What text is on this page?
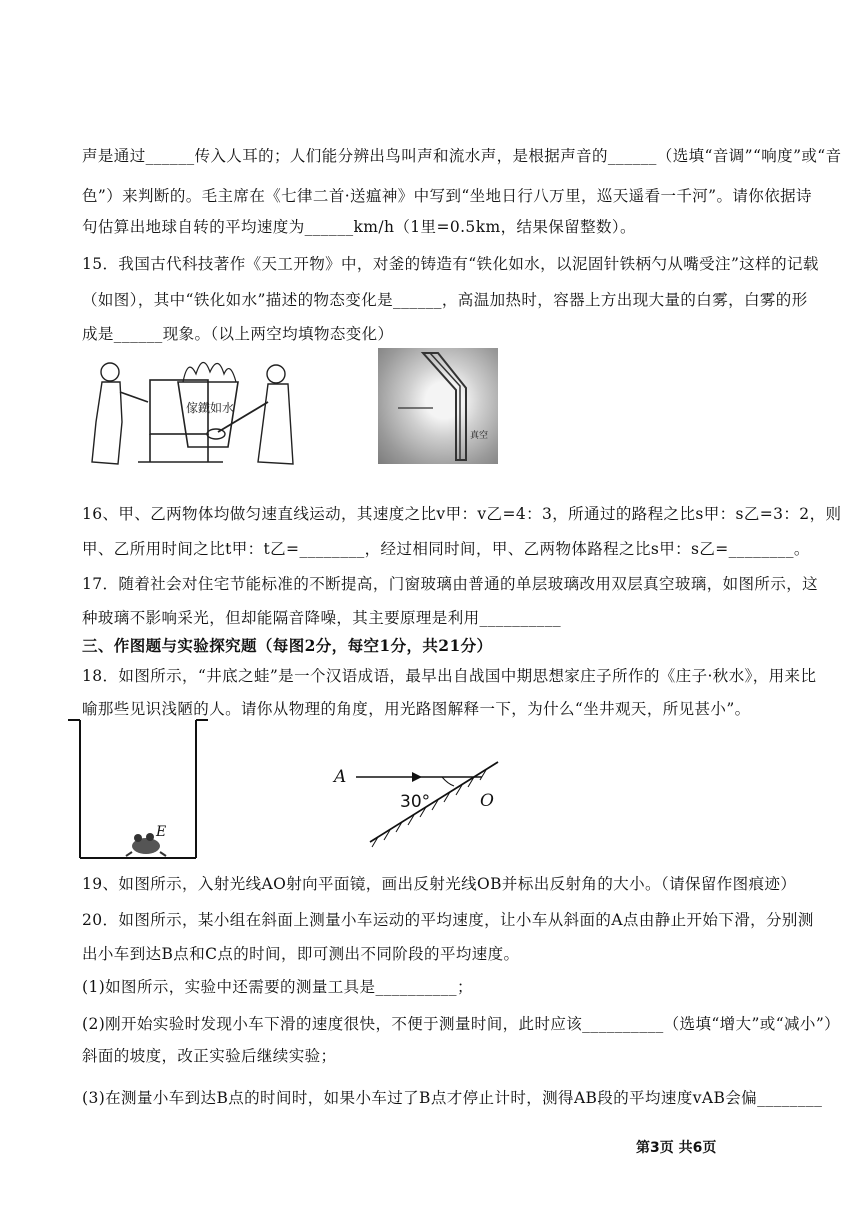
声是通过______传入人耳的；人们能分辨出鸟叫声和流水声，是根据声音的______（选填“音调”“响度”或“音
色”）来判断的。毛主席在《七律二首·送瘟神》中写到“坐地日行八万里，巡天遥看一千河”。请你依据诗
句估算出地球自转的平均速度为______km/h（1里=0.5km，结果保留整数）。
15．我国古代科技著作《天工开物》中，对釜的铸造有“铁化如水，以泥固针铁柄勺从嘴受注”这样的记载
（如图），其中“铁化如水”描述的物态变化是______，高温加热时，容器上方出现大量的白雾，白雾的形
成是______现象。（以上两空均填物态变化）
傢鐵如水
真空
16、甲、乙两物体均做匀速直线运动，其速度之比v甲：v乙=4：3，所通过的路程之比s甲：s乙=3：2，则
甲、乙所用时间之比t甲：t乙=________，经过相同时间，甲、乙两物体路程之比s甲：s乙=________。
17．随着社会对住宅节能标准的不断提高，门窗玻璃由普通的单层玻璃改用双层真空玻璃，如图所示，这
种玻璃不影响采光，但却能隔音降噪，其主要原理是利用__________
三、作图题与实验探究题（每图2分，每空1分，共21分）
18．如图所示，“井底之蛙”是一个汉语成语，最早出自战国中期思想家庄子所作的《庄子·秋水》，用来比
喻那些见识浅陋的人。请你从物理的角度，用光路图解释一下，为什么“坐井观天，所见甚小”。
E
A
30°	O
19、如图所示，入射光线AO射向平面镜，画出反射光线OB并标出反射角的大小。（请保留作图痕迹）
20．如图所示，某小组在斜面上测量小车运动的平均速度，让小车从斜面的A点由静止开始下滑，分别测
出小车到达B点和C点的时间，即可测出不同阶段的平均速度。
(1)如图所示，实验中还需要的测量工具是__________；
(2)刚开始实验时发现小车下滑的速度很快，不便于测量时间，此时应该__________（选填“增大”或“减小”）
斜面的坡度，改正实验后继续实验；
(3)在测量小车到达B点的时间时，如果小车过了B点才停止计时，测得AB段的平均速度vAB会偏________
第3页 共6页
